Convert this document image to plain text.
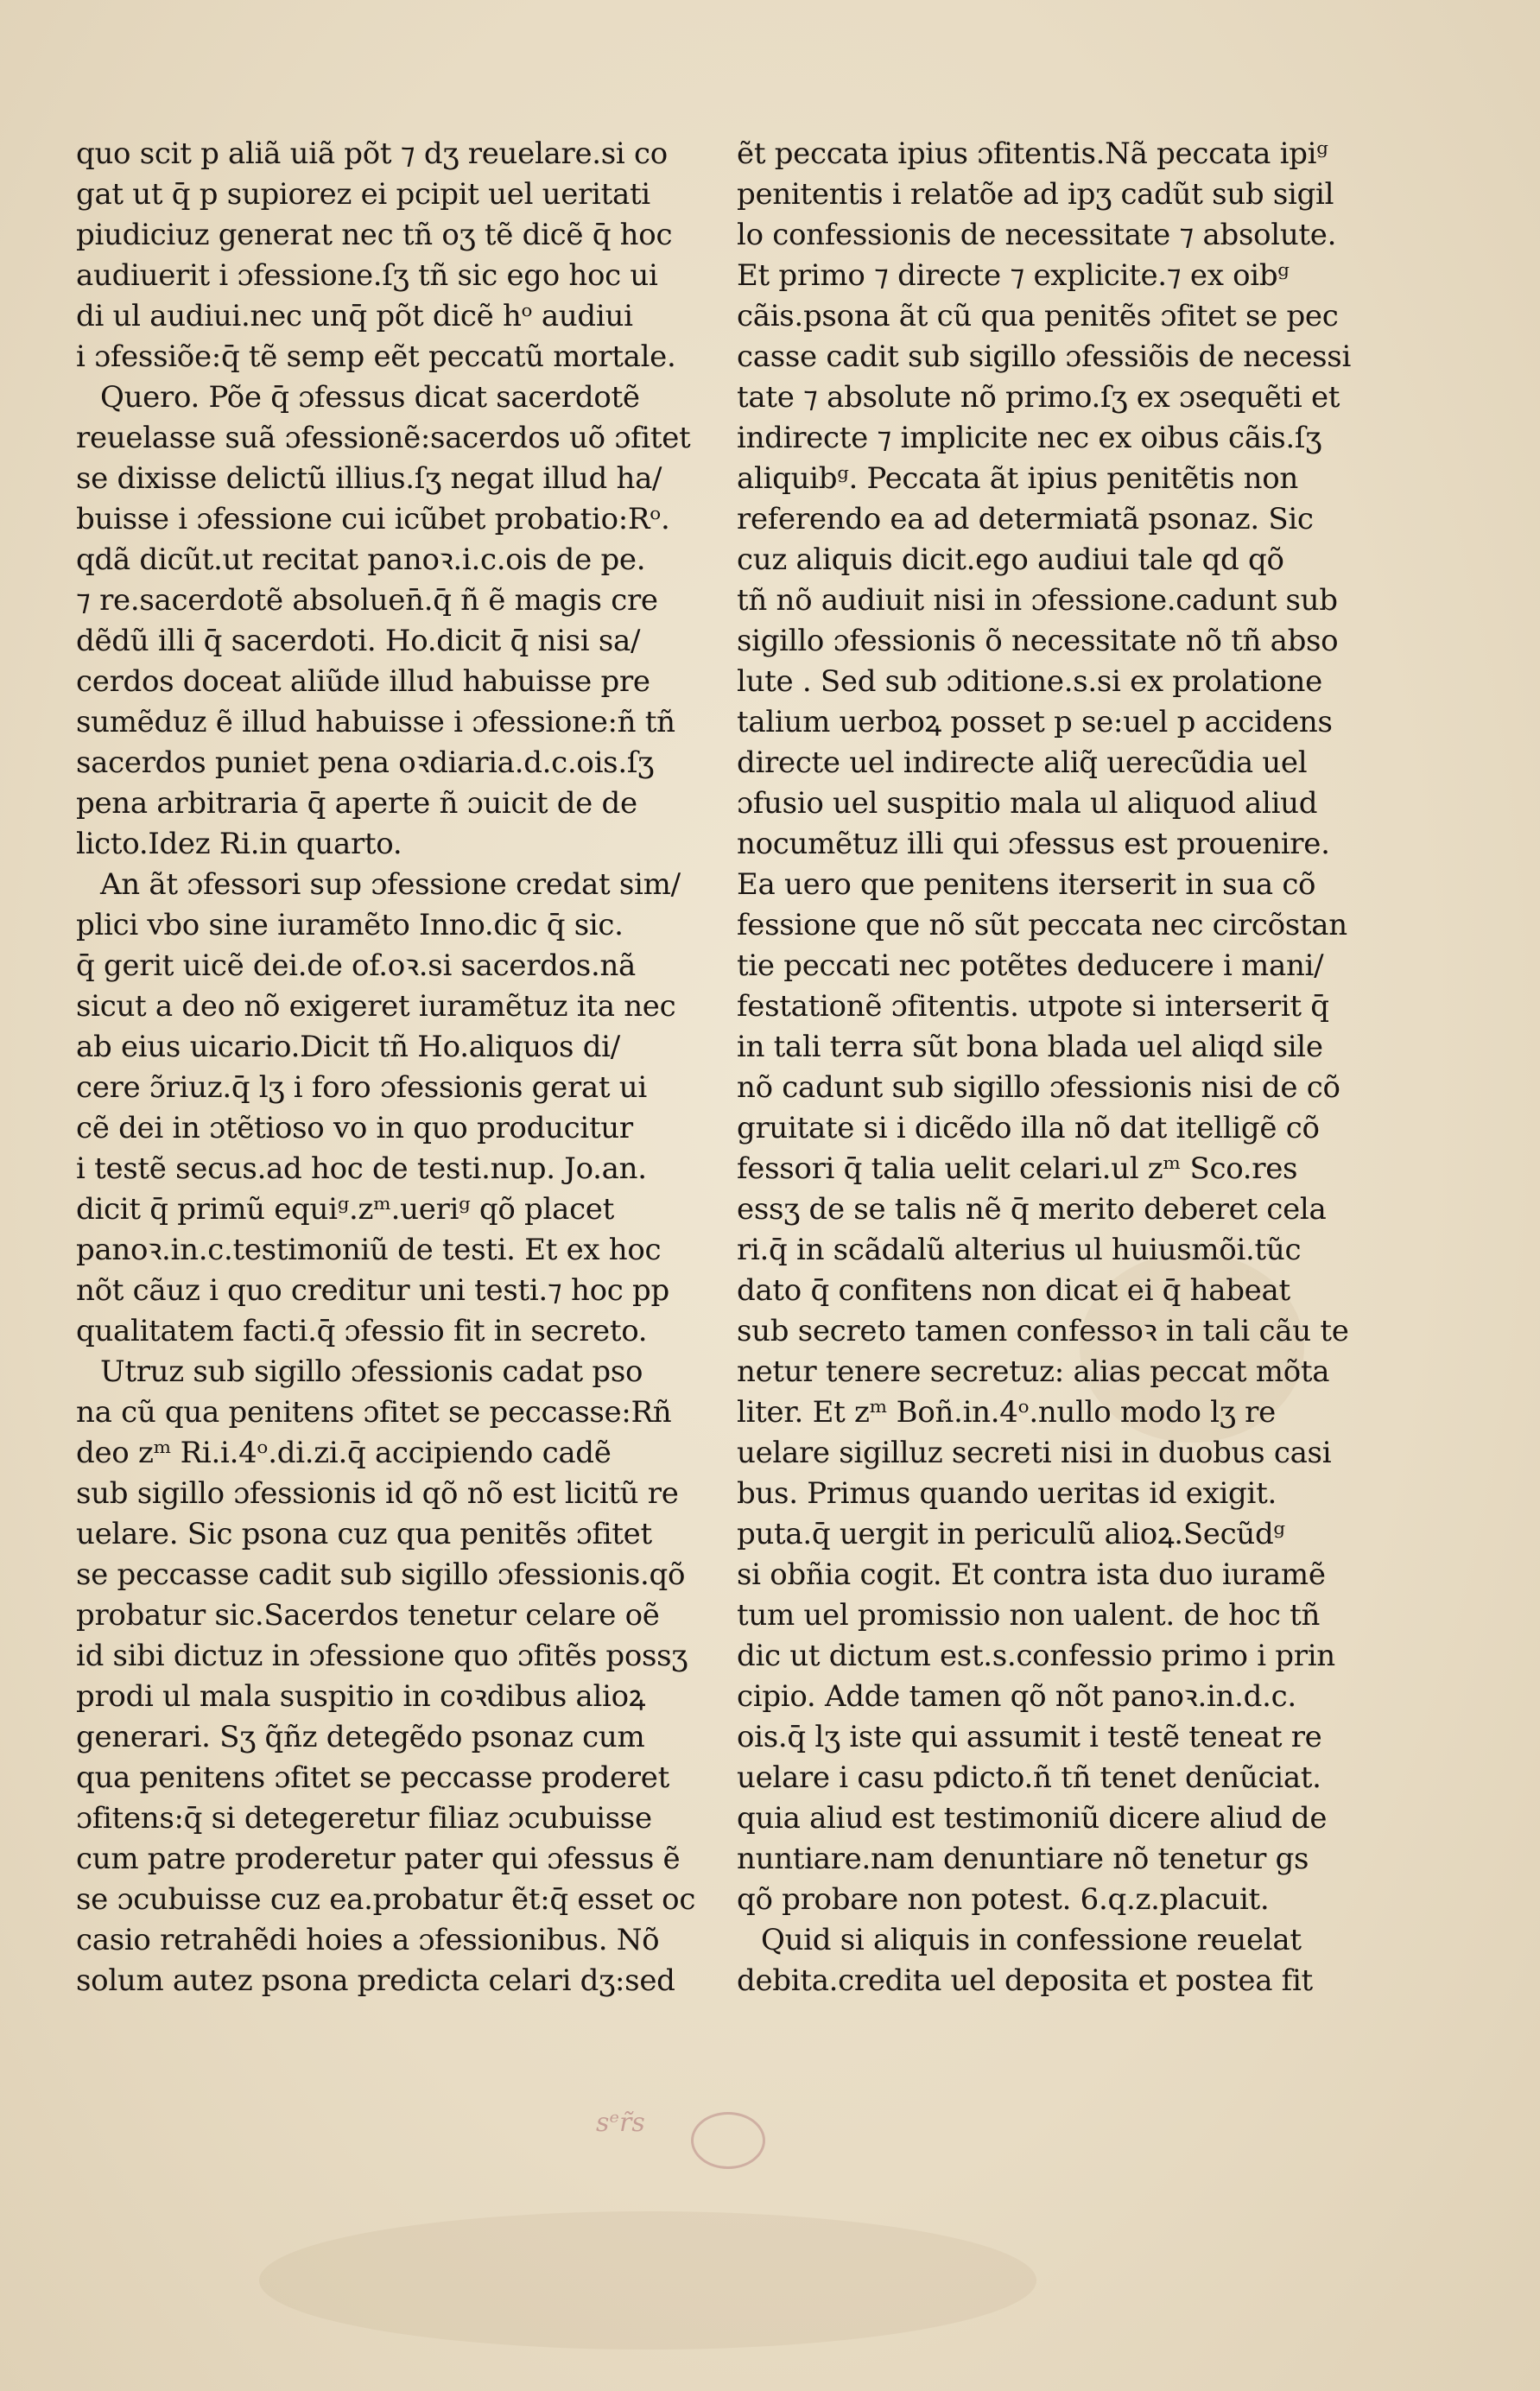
quo scit p aliã uiã põt ⁊ dʒ reuelare.si co
gat ut q̄ p supiorez ei pcipit uel ueritati
piudiciuz generat nec tñ oʒ tẽ dicẽ q̄ hoc
audiuerit i ɔfessione.ſʒ tñ sic ego hoc ui
di ul audiui.nec unq̄ põt dicẽ hᵒ audiui
i ɔfessiõe:q̄ tẽ semp eẽt peccatũ mortale.
Quero. Põe q̄ ɔfessus dicat sacerdotẽ
reuelasse suã ɔfessionẽ:sacerdos uõ ɔfitet
se dixisse delictũ illius.ſʒ negat illud ha/
buisse i ɔfessione cui icũbet probatio:Rᵒ.
qdã dicũt.ut recitat panoꝛ.i.c.ois de pe.
⁊ re.sacerdotẽ absoluen̄.q̄ ñ ẽ magis cre
dẽdũ illi q̄ sacerdoti. Ho.dicit q̄ nisi sa/
cerdos doceat aliũde illud habuisse pre
sumẽduz ẽ illud habuisse i ɔfessione:ñ tñ
sacerdos puniet pena oꝛdiaria.d.c.ois.ſʒ
pena arbitraria q̄ aperte ñ ɔuicit de de
licto.Idez Ri.in quarto.
An ãt ɔfessori sup ɔfessione credat sim/
plici vbo sine iuramẽto Inno.dic q̄ sic.
q̄ gerit uicẽ dei.de of.oꝛ.si sacerdos.nã
sicut a deo nõ exigeret iuramẽtuz ita nec
ab eius uicario.Dicit tñ Ho.aliquos di/
cere ɔ̃riuz.q̄ lʒ i foro ɔfessionis gerat ui
cẽ dei in ɔtẽtioso vo in quo producitur
i testẽ secus.ad hoc de testi.nup. Jo.an.
dicit q̄ primũ equiᵍ.zᵐ.ueriᵍ qõ placet
panoꝛ.in.c.testimoniũ de testi. Et ex hoc
nõt cãuz i quo creditur uni testi.⁊ hoc pp
qualitatem facti.q̄ ɔfessio fit in secreto.
Utruz sub sigillo ɔfessionis cadat pso
na cũ qua penitens ɔfitet se peccasse:Rñ
deo zᵐ Ri.i.4ᵒ.di.zi.q̄ accipiendo cadẽ
sub sigillo ɔfessionis id qõ nõ est licitũ re
uelare. Sic psona cuz qua penitẽs ɔfitet
se peccasse cadit sub sigillo ɔfessionis.qõ
probatur sic.Sacerdos tenetur celare oẽ
id sibi dictuz in ɔfessione quo ɔfitẽs possʒ
prodi ul mala suspitio in coꝛdibus alioꝝ
generari. Sʒ q̃ñz detegẽdo psonaz cum
qua penitens ɔfitet se peccasse proderet
ɔfitens:q̄ si detegeretur filiaz ɔcubuisse
cum patre proderetur pater qui ɔfessus ẽ
se ɔcubuisse cuz ea.probatur ẽt:q̄ esset oc
casio retrahẽdi hoies a ɔfessionibus. Nõ
solum autez psona predicta celari dʒ:sed
ẽt peccata ipius ɔfitentis.Nã peccata ipiᵍ
penitentis i relatõe ad ipʒ cadũt sub sigil
lo confessionis de necessitate ⁊ absolute.
Et primo ⁊ directe ⁊ explicite.⁊ ex oibᵍ
cãis.psona ãt cũ qua penitẽs ɔfitet se pec
casse cadit sub sigillo ɔfessiõis de necessi
tate ⁊ absolute nõ primo.ſʒ ex ɔsequẽti et
indirecte ⁊ implicite nec ex oibus cãis.ſʒ
aliquibᵍ. Peccata ãt ipius penitẽtis non
referendo ea ad determiatã psonaz. Sic
cuz aliquis dicit.ego audiui tale qd qõ
tñ nõ audiuit nisi in ɔfessione.cadunt sub
sigillo ɔfessionis õ necessitate nõ tñ abso
lute . Sed sub ɔditione.s.si ex prolatione
talium uerboꝝ posset p se:uel p accidens
directe uel indirecte aliq̃ uerecũdia uel
ɔfusio uel suspitio mala ul aliquod aliud
nocumẽtuz illi qui ɔfessus est prouenire.
Ea uero que penitens iterserit in sua cõ
fessione que nõ sũt peccata nec circõstan
tie peccati nec potẽtes deducere i mani/
festationẽ ɔfitentis. utpote si interserit q̄
in tali terra sũt bona blada uel aliqd sile
nõ cadunt sub sigillo ɔfessionis nisi de cõ
gruitate si i dicẽdo illa nõ dat itelligẽ cõ
fessori q̄ talia uelit celari.ul zᵐ Sco.res
essʒ de se talis nẽ q̄ merito deberet cela
ri.q̄ in scãdalũ alterius ul huiusmõi.tũc
dato q̄ confitens non dicat ei q̄ habeat
sub secreto tamen confessoꝛ in tali cãu te
netur tenere secretuz: alias peccat mõta
liter. Et zᵐ Boñ.in.4ᵒ.nullo modo lʒ re
uelare sigilluz secreti nisi in duobus casi
bus. Primus quando ueritas id exigit.
puta.q̄ uergit in periculũ alioꝝ.Secũdᵍ
si obñia cogit. Et contra ista duo iuramẽ
tum uel promissio non ualent. de hoc tñ
dic ut dictum est.s.confessio primo i prin
cipio. Adde tamen qõ nõt panoꝛ.in.d.c.
ois.q̄ lʒ iste qui assumit i testẽ teneat re
uelare i casu pdicto.ñ tñ tenet denũciat.
quia aliud est testimoniũ dicere aliud de
nuntiare.nam denuntiare nõ tenetur gs
qõ probare non potest. 6.q.z.placuit.
Quid si aliquis in confessione reuelat
debita.credita uel deposita et postea fit
sᵉr̃s
